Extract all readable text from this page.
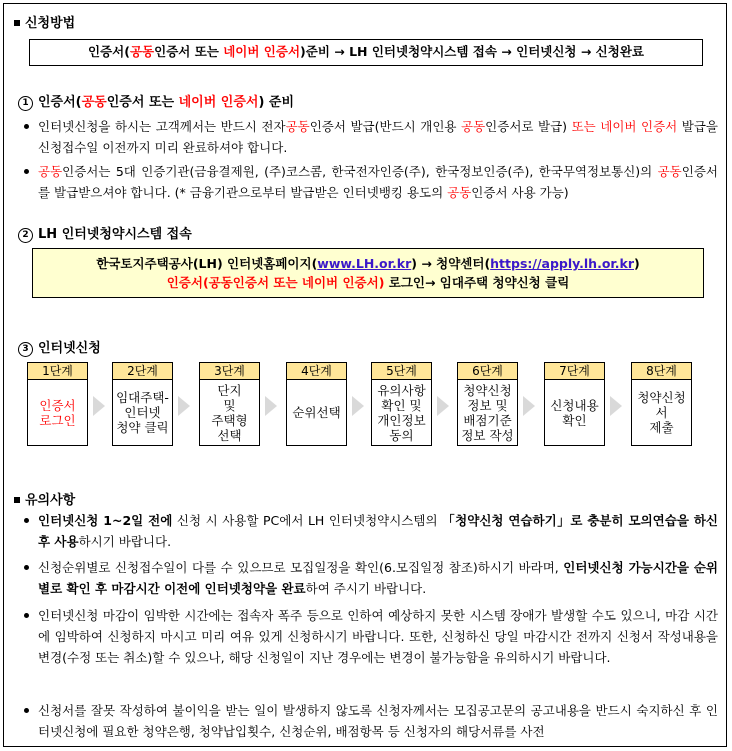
신청방법
인증서(공동인증서 또는 네이버 인증서)준비 → LH 인터넷청약시스템 접속 → 인터넷신청 → 신청완료
1 인증서(공동인증서 또는 네이버 인증서) 준비
인터넷신청을 하시는 고객께서는 반드시 전자공동인증서 발급(반드시 개인용 공동인증서로 발급) 또는 네이버 인증서 발급을 신청접수일 이전까지 미리 완료하셔야 합니다.
공동인증서는 5대 인증기관(금융결제원, (주)코스콤, 한국전자인증(주), 한국정보인증(주), 한국무역정보통신)의 공동인증서를 발급받으셔야 합니다. (* 금융기관으로부터 발급받은 인터넷뱅킹 용도의 공동인증서 사용 가능)
2 LH 인터넷청약시스템 접속
한국토지주택공사(LH) 인터넷홈페이지(www.LH.or.kr) → 청약센터(https://apply.lh.or.kr)
인증서(공동인증서 또는 네이버 인증서) 로그인→ 임대주택 청약신청 클릭
3 인터넷신청
1단계
인증서
로그인
2단계
임대주택-
인터넷
청약 클릭
3단계
단지
및
주택형
선택
4단계
순위선택
5단계
유의사항
확인 및
개인정보
동의
6단계
청약신청
정보 및
배점기준
정보 작성
7단계
신청내용
확인
8단계
청약신청서
제출
유의사항
인터넷신청 1~2일 전에 신청 시 사용할 PC에서 LH 인터넷청약시스템의 「청약신청 연습하기」로 충분히 모의연습을 하신 후 사용하시기 바랍니다.
신청순위별로 신청접수일이 다를 수 있으므로 모집일정을 확인(6.모집일정 참조)하시기 바라며, 인터넷신청 가능시간을 순위별로 확인 후 마감시간 이전에 인터넷청약을 완료하여 주시기 바랍니다.
인터넷신청 마감이 임박한 시간에는 접속자 폭주 등으로 인하여 예상하지 못한 시스템 장애가 발생할 수도 있으니, 마감 시간에 임박하여 신청하지 마시고 미리 여유 있게 신청하시기 바랍니다. 또한, 신청하신 당일 마감시간 전까지 신청서 작성내용을 변경(수정 또는 취소)할 수 있으나, 해당 신청일이 지난 경우에는 변경이 불가능함을 유의하시기 바랍니다.
신청서를 잘못 작성하여 불이익을 받는 일이 발생하지 않도록 신청자께서는 모집공고문의 공고내용을 반드시 숙지하신 후 인터넷신청에 필요한 청약은행, 청약납입횟수, 신청순위, 배점항목 등 신청자의 해당서류를 사전
